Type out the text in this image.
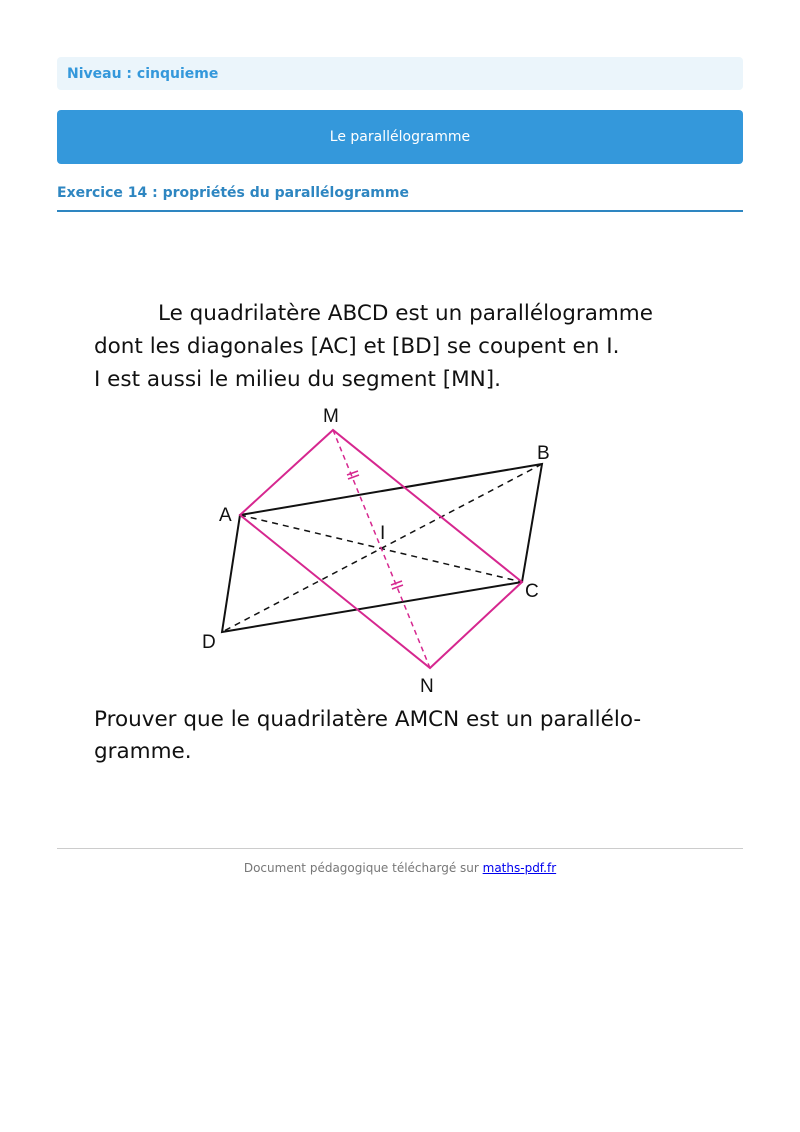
Niveau : cinquieme
Le parallélogramme
Exercice 14 : propriétés du parallélogramme
Le quadrilatère ABCD est un parallélogramme
dont les diagonales [AC] et [BD] se coupent en I.
I est aussi le milieu du segment [MN].
M
B
A
I
C
D
N
Prouver que le quadrilatère AMCN est un parallélo-
gramme.
Document pédagogique téléchargé sur maths-pdf.fr
